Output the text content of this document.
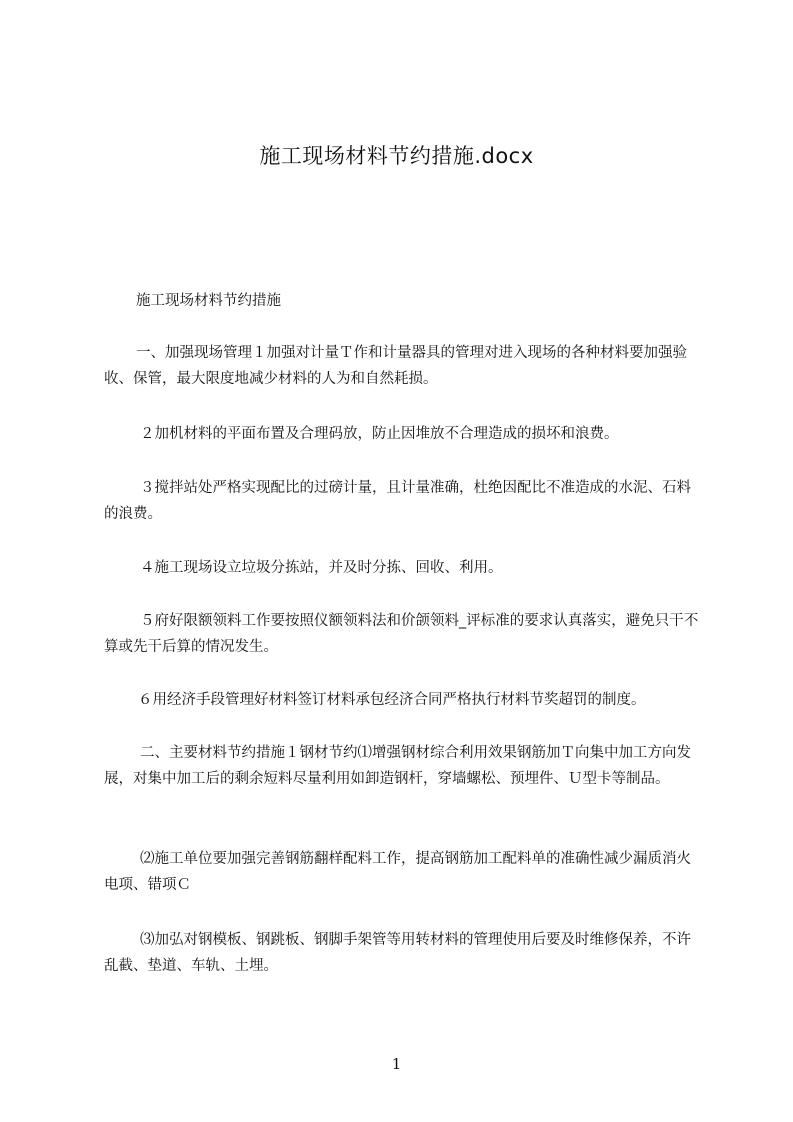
施工现场材料节约措施.docx
施工现场材料节约措施

一、加强现场管理１加强对计量Ｔ作和计量器具的管理对进入现场的各种材料要加强验收、保管，最大限度地减少材料的人为和自然耗损。

２加机材料的平面布置及合理码放，防止因堆放不合理造成的损坏和浪费。

３搅拌站处严格实现配比的过磅计量，且计量准确，杜绝因配比不准造成的水泥、石料的浪费。

４施工现场设立垃圾分拣站，并及时分拣、回收、利用。

５府好限额领料工作要按照仪额领料法和价颌领料_评标准的要求认真落实，避免只干不算或先干后算的情况发生。

６用经济手段管理好材料签订材料承包经济合同严格执行材料节奖超罚的制度。

二、主要材料节约措施１钢材节约⑴增强钢材综合利用效果钢筋加Ｔ向集中加工方向发展，对集中加工后的剩余短料尽量利用如卸造钢杆，穿墙螺松、预埋件、Ｕ型卡等制品。

⑵施工单位要加强完善钢筋翻样配料工作，提高钢筋加工配料单的准确性减少漏质消火电项、错项Ｃ

⑶加弘对钢模板、钢跳板、钢脚手架管等用转材料的管理使用后要及时维修保养，不许乱截、垫道、车轨、土埋。

1
